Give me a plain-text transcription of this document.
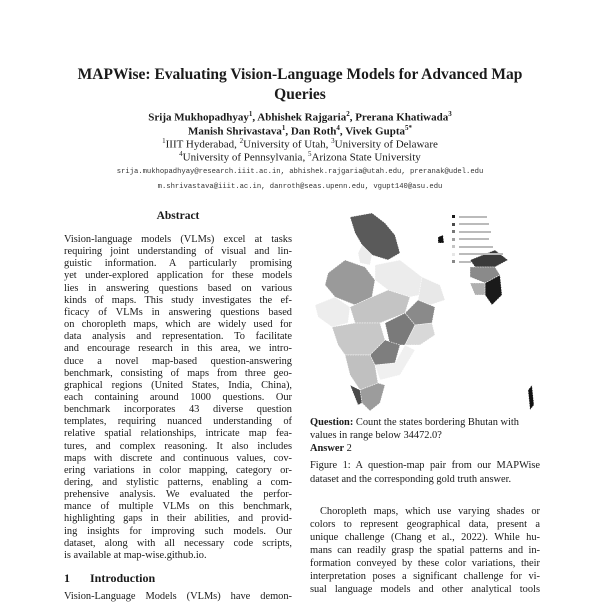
MAPWise: Evaluating Vision-Language Models for Advanced Map
Queries
Srija Mukhopadhyay$^1$, Abhishek Rajgaria$^2$, Prerana Khatiwada$^3$
Manish Shrivastava$^1$, Dan Roth$^4$, Vivek Gupta$^{5*}$
$^1$IIIT Hyderabad, $^2$University of Utah, $^3$University of Delaware
$^4$University of Pennsylvania, $^5$Arizona State University
srija.mukhopadhyay@research.iiit.ac.in, abhishek.rajgaria@utah.edu, preranak@udel.edu
m.shrivastava@iiit.ac.in, danroth@seas.upenn.edu, vgupt140@asu.edu
Abstract
Vision-language models (VLMs) excel at tasks
requiring joint understanding of visual and lin-
guistic information. A particularly promising
yet under-explored application for these models
lies in answering questions based on various
kinds of maps. This study investigates the ef-
ficacy of VLMs in answering questions based
on choropleth maps, which are widely used for
data analysis and representation. To facilitate
and encourage research in this area, we intro-
duce a novel map-based question-answering
benchmark, consisting of maps from three geo-
graphical regions (United States, India, China),
each containing around 1000 questions. Our
benchmark incorporates 43 diverse question
templates, requiring nuanced understanding of
relative spatial relationships, intricate map fea-
tures, and complex reasoning. It also includes
maps with discrete and continuous values, cov-
ering variations in color mapping, category or-
dering, and stylistic patterns, enabling a com-
prehensive analysis. We evaluated the perfor-
mance of multiple VLMs on this benchmark,
highlighting gaps in their abilities, and provid-
ing insights for improving such models. Our
dataset, along with all necessary code scripts,
is available at map-wise.github.io.
1 Introduction
Vision-Language Models (VLMs) have demon-
Question: Count the states bordering Bhutan with
values in range below 34472.0?
Answer 2
Figure 1: A question-map pair from our MAPWise
dataset and the corresponding gold truth answer.
Choropleth maps, which use varying shades or
colors to represent geographical data, present a
unique challenge (Chang et al., 2022). While hu-
mans can readily grasp the spatial patterns and in-
formation conveyed by these color variations, their
interpretation poses a significant challenge for vi-
sual language models and other analytical tools
